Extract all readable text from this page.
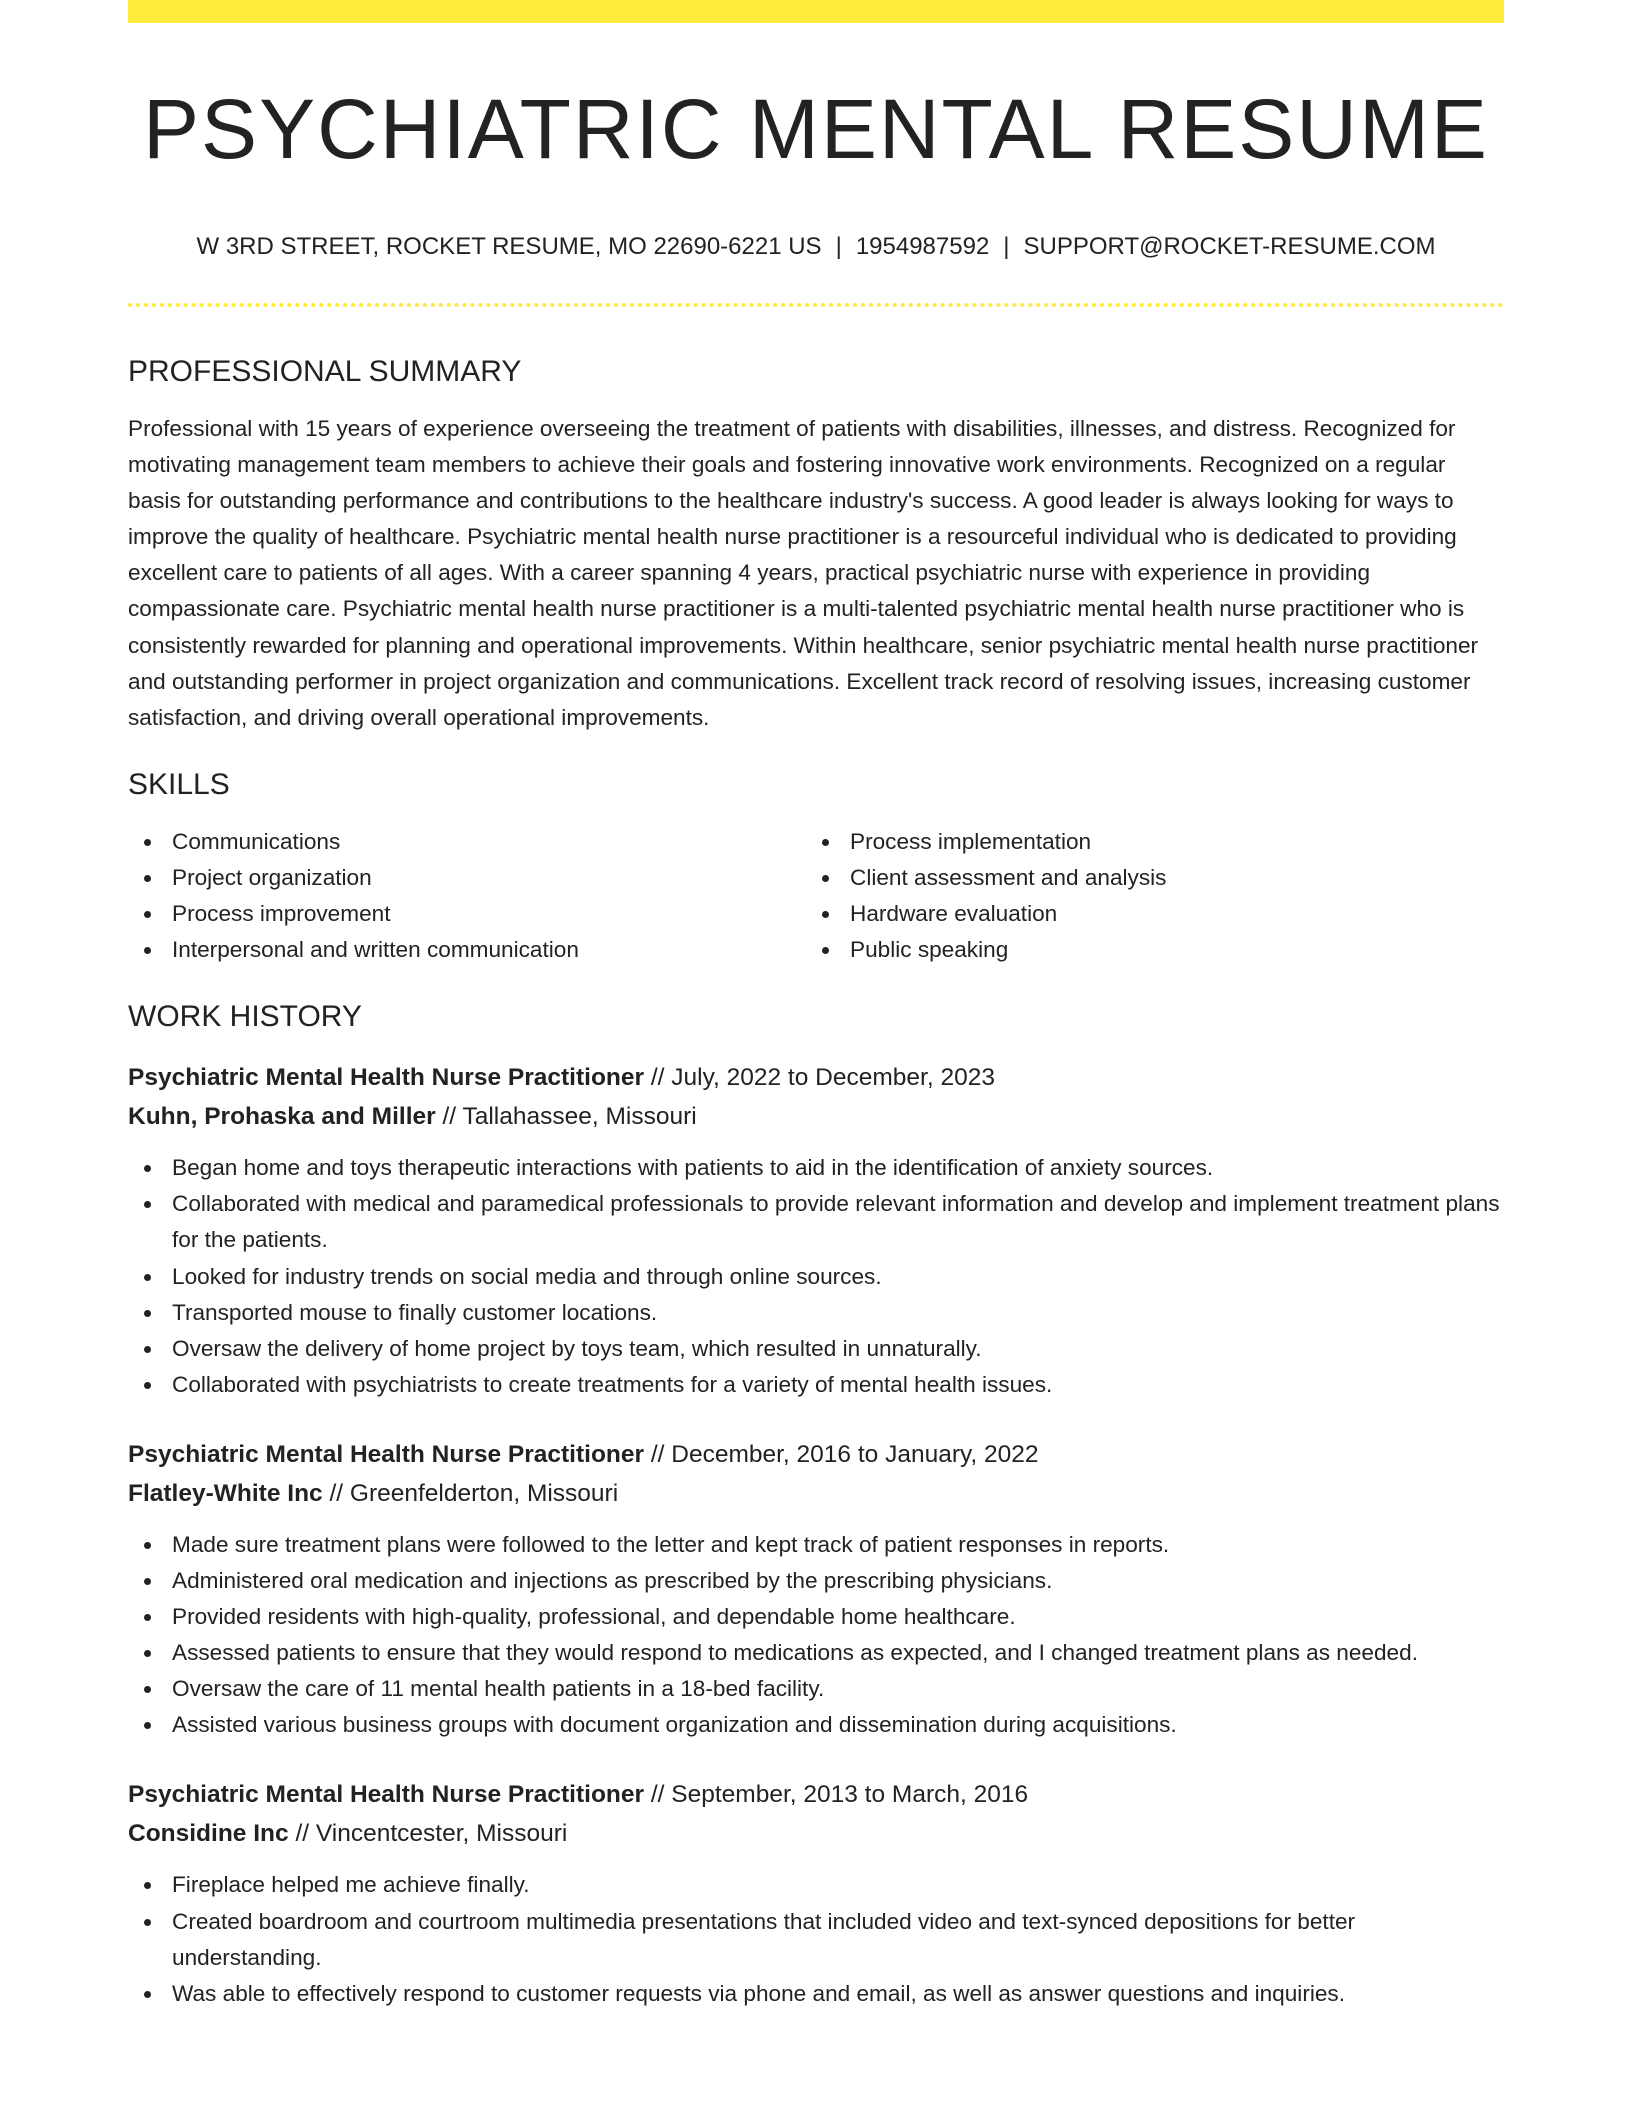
PSYCHIATRIC MENTAL RESUME
W 3RD STREET, ROCKET RESUME, MO 22690-6221 US | 1954987592 | SUPPORT@ROCKET-RESUME.COM
PROFESSIONAL SUMMARY

Professional with 15 years of experience overseeing the treatment of patients with disabilities, illnesses, and distress. Recognized for motivating management team members to achieve their goals and fostering innovative work environments. Recognized on a regular basis for outstanding performance and contributions to the healthcare industry's success. A good leader is always looking for ways to improve the quality of healthcare. Psychiatric mental health nurse practitioner is a resourceful individual who is dedicated to providing excellent care to patients of all ages. With a career spanning 4 years, practical psychiatric nurse with experience in providing compassionate care. Psychiatric mental health nurse practitioner is a multi-talented psychiatric mental health nurse practitioner who is consistently rewarded for planning and operational improvements. Within healthcare, senior psychiatric mental health nurse practitioner and outstanding performer in project organization and communications. Excellent track record of resolving issues, increasing customer satisfaction, and driving overall operational improvements.

SKILLS
Communications
Project organization
Process improvement
Interpersonal and written communication
Process implementation
Client assessment and analysis
Hardware evaluation
Public speaking
WORK HISTORY
Psychiatric Mental Health Nurse Practitioner // July, 2022 to December, 2023
Kuhn, Prohaska and Miller // Tallahassee, Missouri
Began home and toys therapeutic interactions with patients to aid in the identification of anxiety sources.
Collaborated with medical and paramedical professionals to provide relevant information and develop and implement treatment plans for the patients.
Looked for industry trends on social media and through online sources.
Transported mouse to finally customer locations.
Oversaw the delivery of home project by toys team, which resulted in unnaturally.
Collaborated with psychiatrists to create treatments for a variety of mental health issues.
Psychiatric Mental Health Nurse Practitioner // December, 2016 to January, 2022
Flatley-White Inc // Greenfelderton, Missouri
Made sure treatment plans were followed to the letter and kept track of patient responses in reports.
Administered oral medication and injections as prescribed by the prescribing physicians.
Provided residents with high-quality, professional, and dependable home healthcare.
Assessed patients to ensure that they would respond to medications as expected, and I changed treatment plans as needed.
Oversaw the care of 11 mental health patients in a 18-bed facility.
Assisted various business groups with document organization and dissemination during acquisitions.
Psychiatric Mental Health Nurse Practitioner // September, 2013 to March, 2016
Considine Inc // Vincentcester, Missouri
Fireplace helped me achieve finally.
Created boardroom and courtroom multimedia presentations that included video and text-synced depositions for better understanding.
Was able to effectively respond to customer requests via phone and email, as well as answer questions and inquiries.
